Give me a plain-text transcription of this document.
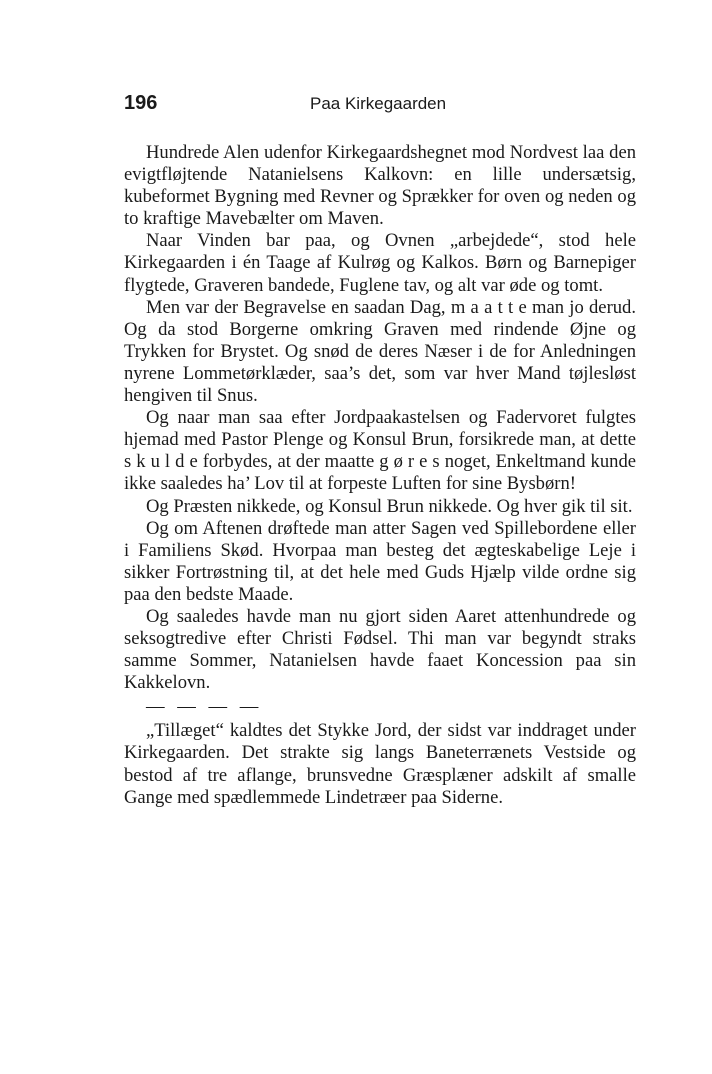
196	Paa Kirkegaarden

Hundrede Alen udenfor Kirkegaardshegnet mod Nordvest laa den evigtfløjtende Natanielsens Kalkovn: en lille undersætsig, kubeformet Bygning med Revner og Sprækker for oven og neden og to kraftige Mavebælter om Maven.

Naar Vinden bar paa, og Ovnen „arbejdede“, stod hele Kirkegaarden i én Taage af Kulrøg og Kalkos. Børn og Barnepiger flygtede, Graveren bandede, Fuglene tav, og alt var øde og tomt.

Men var der Begravelse en saadan Dag, m a a t t e man jo derud. Og da stod Borgerne omkring Graven med rindende Øjne og Trykken for Brystet. Og snød de deres Næser i de for Anledningen nyrene Lommetørklæder, saa’s det, som var hver Mand tøjlesløst hengiven til Snus.

Og naar man saa efter Jordpaakastelsen og Fadervoret fulgtes hjemad med Pastor Plenge og Konsul Brun, forsikrede man, at dette s k u l d e forbydes, at der maatte g ø r e s noget, Enkeltmand kunde ikke saaledes ha’ Lov til at forpeste Luften for sine Bysbørn!

Og Præsten nikkede, og Konsul Brun nikkede. Og hver gik til sit.

Og om Aftenen drøftede man atter Sagen ved Spillebordene eller i Familiens Skød. Hvorpaa man besteg det ægteskabelige Leje i sikker Fortrøstning til, at det hele med Guds Hjælp vilde ordne sig paa den bedste Maade.

Og saaledes havde man nu gjort siden Aaret attenhundrede og seksogtredive efter Christi Fødsel. Thi man var begyndt straks samme Sommer, Natanielsen havde faaet Koncession paa sin Kakkelovn.

— — — —

„Tillæget“ kaldtes det Stykke Jord, der sidst var inddraget under Kirkegaarden. Det strakte sig langs Baneterrænets Vestside og bestod af tre aflange, brunsvedne Græsplæner adskilt af smalle Gange med spædlemmede Lindetræer paa Siderne.
